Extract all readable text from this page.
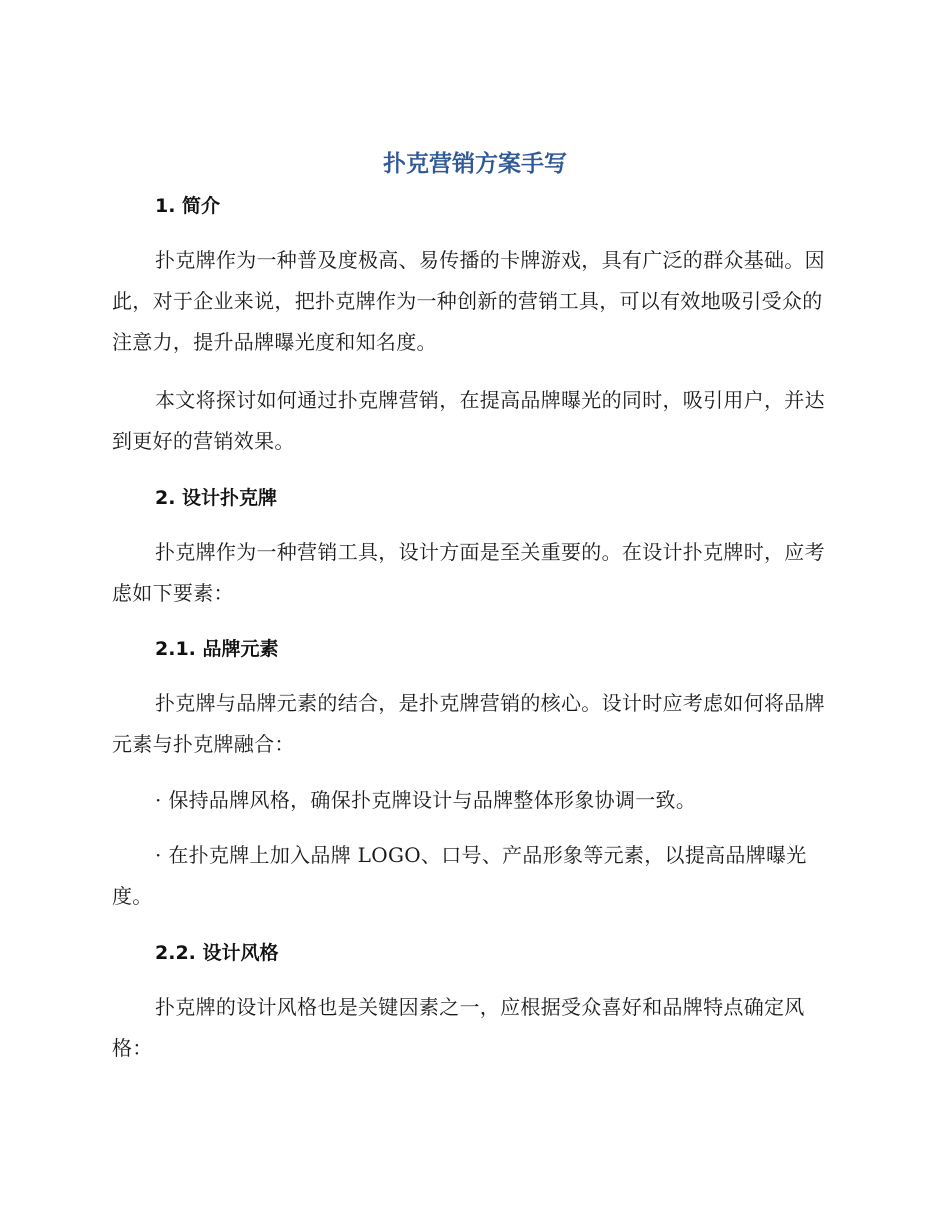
扑克营销方案手写
1. 简介

扑克牌作为一种普及度极高、易传播的卡牌游戏，具有广泛的群众基础。因此，对于企业来说，把扑克牌作为一种创新的营销工具，可以有效地吸引受众的注意力，提升品牌曝光度和知名度。

本文将探讨如何通过扑克牌营销，在提高品牌曝光的同时，吸引用户，并达到更好的营销效果。

2. 设计扑克牌

扑克牌作为一种营销工具，设计方面是至关重要的。在设计扑克牌时，应考虑如下要素：

2.1. 品牌元素

扑克牌与品牌元素的结合，是扑克牌营销的核心。设计时应考虑如何将品牌元素与扑克牌融合：

· 保持品牌风格，确保扑克牌设计与品牌整体形象协调一致。

· 在扑克牌上加入品牌 LOGO、口号、产品形象等元素，以提高品牌曝光度。

2.2. 设计风格

扑克牌的设计风格也是关键因素之一，应根据受众喜好和品牌特点确定风格：
